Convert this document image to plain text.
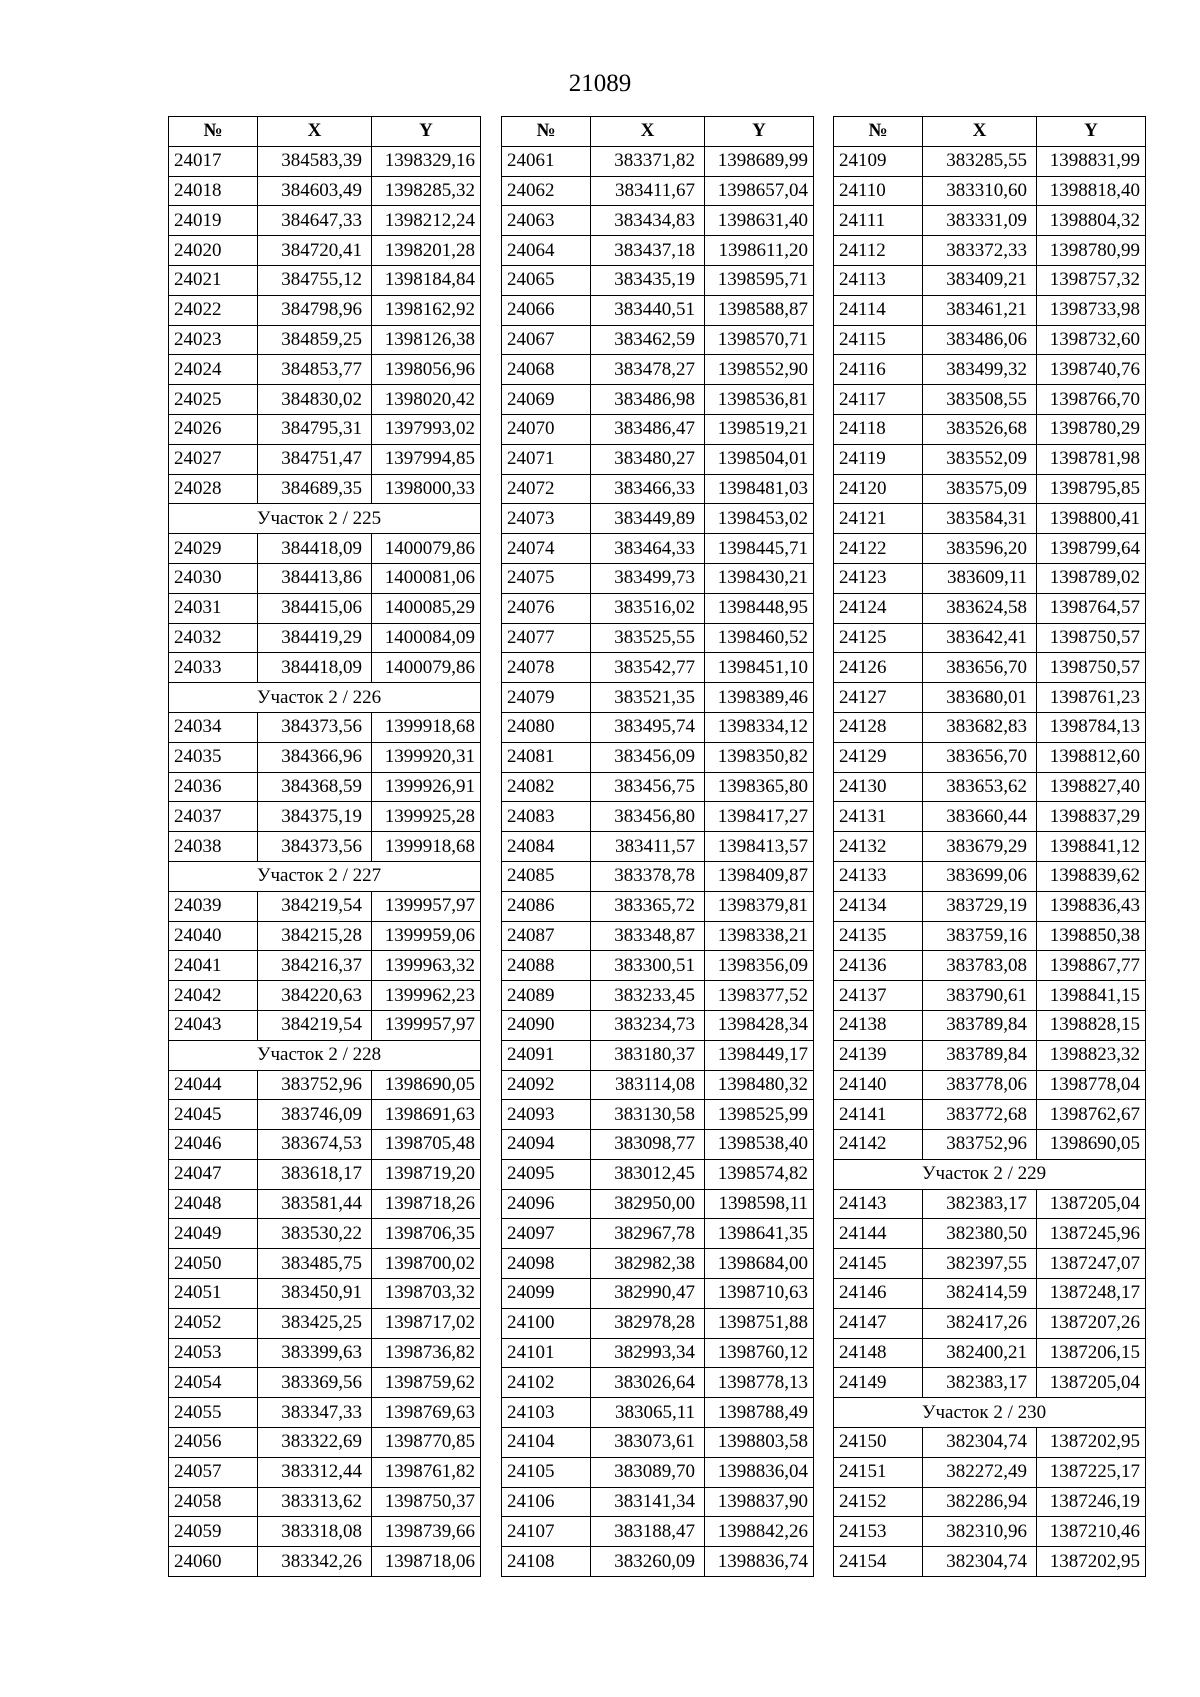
21089
№	X	Y
24017	384583,39	1398329,16
24018	384603,49	1398285,32
24019	384647,33	1398212,24
24020	384720,41	1398201,28
24021	384755,12	1398184,84
24022	384798,96	1398162,92
24023	384859,25	1398126,38
24024	384853,77	1398056,96
24025	384830,02	1398020,42
24026	384795,31	1397993,02
24027	384751,47	1397994,85
24028	384689,35	1398000,33
Участок 2 / 225		
24029	384418,09	1400079,86
24030	384413,86	1400081,06
24031	384415,06	1400085,29
24032	384419,29	1400084,09
24033	384418,09	1400079,86
Участок 2 / 226		
24034	384373,56	1399918,68
24035	384366,96	1399920,31
24036	384368,59	1399926,91
24037	384375,19	1399925,28
24038	384373,56	1399918,68
Участок 2 / 227		
24039	384219,54	1399957,97
24040	384215,28	1399959,06
24041	384216,37	1399963,32
24042	384220,63	1399962,23
24043	384219,54	1399957,97
Участок 2 / 228		
24044	383752,96	1398690,05
24045	383746,09	1398691,63
24046	383674,53	1398705,48
24047	383618,17	1398719,20
24048	383581,44	1398718,26
24049	383530,22	1398706,35
24050	383485,75	1398700,02
24051	383450,91	1398703,32
24052	383425,25	1398717,02
24053	383399,63	1398736,82
24054	383369,56	1398759,62
24055	383347,33	1398769,63
24056	383322,69	1398770,85
24057	383312,44	1398761,82
24058	383313,62	1398750,37
24059	383318,08	1398739,66
24060	383342,26	1398718,06
№	X	Y
24061	383371,82	1398689,99
24062	383411,67	1398657,04
24063	383434,83	1398631,40
24064	383437,18	1398611,20
24065	383435,19	1398595,71
24066	383440,51	1398588,87
24067	383462,59	1398570,71
24068	383478,27	1398552,90
24069	383486,98	1398536,81
24070	383486,47	1398519,21
24071	383480,27	1398504,01
24072	383466,33	1398481,03
24073	383449,89	1398453,02
24074	383464,33	1398445,71
24075	383499,73	1398430,21
24076	383516,02	1398448,95
24077	383525,55	1398460,52
24078	383542,77	1398451,10
24079	383521,35	1398389,46
24080	383495,74	1398334,12
24081	383456,09	1398350,82
24082	383456,75	1398365,80
24083	383456,80	1398417,27
24084	383411,57	1398413,57
24085	383378,78	1398409,87
24086	383365,72	1398379,81
24087	383348,87	1398338,21
24088	383300,51	1398356,09
24089	383233,45	1398377,52
24090	383234,73	1398428,34
24091	383180,37	1398449,17
24092	383114,08	1398480,32
24093	383130,58	1398525,99
24094	383098,77	1398538,40
24095	383012,45	1398574,82
24096	382950,00	1398598,11
24097	382967,78	1398641,35
24098	382982,38	1398684,00
24099	382990,47	1398710,63
24100	382978,28	1398751,88
24101	382993,34	1398760,12
24102	383026,64	1398778,13
24103	383065,11	1398788,49
24104	383073,61	1398803,58
24105	383089,70	1398836,04
24106	383141,34	1398837,90
24107	383188,47	1398842,26
24108	383260,09	1398836,74
№	X	Y
24109	383285,55	1398831,99
24110	383310,60	1398818,40
24111	383331,09	1398804,32
24112	383372,33	1398780,99
24113	383409,21	1398757,32
24114	383461,21	1398733,98
24115	383486,06	1398732,60
24116	383499,32	1398740,76
24117	383508,55	1398766,70
24118	383526,68	1398780,29
24119	383552,09	1398781,98
24120	383575,09	1398795,85
24121	383584,31	1398800,41
24122	383596,20	1398799,64
24123	383609,11	1398789,02
24124	383624,58	1398764,57
24125	383642,41	1398750,57
24126	383656,70	1398750,57
24127	383680,01	1398761,23
24128	383682,83	1398784,13
24129	383656,70	1398812,60
24130	383653,62	1398827,40
24131	383660,44	1398837,29
24132	383679,29	1398841,12
24133	383699,06	1398839,62
24134	383729,19	1398836,43
24135	383759,16	1398850,38
24136	383783,08	1398867,77
24137	383790,61	1398841,15
24138	383789,84	1398828,15
24139	383789,84	1398823,32
24140	383778,06	1398778,04
24141	383772,68	1398762,67
24142	383752,96	1398690,05
Участок 2 / 229		
24143	382383,17	1387205,04
24144	382380,50	1387245,96
24145	382397,55	1387247,07
24146	382414,59	1387248,17
24147	382417,26	1387207,26
24148	382400,21	1387206,15
24149	382383,17	1387205,04
Участок 2 / 230		
24150	382304,74	1387202,95
24151	382272,49	1387225,17
24152	382286,94	1387246,19
24153	382310,96	1387210,46
24154	382304,74	1387202,95
